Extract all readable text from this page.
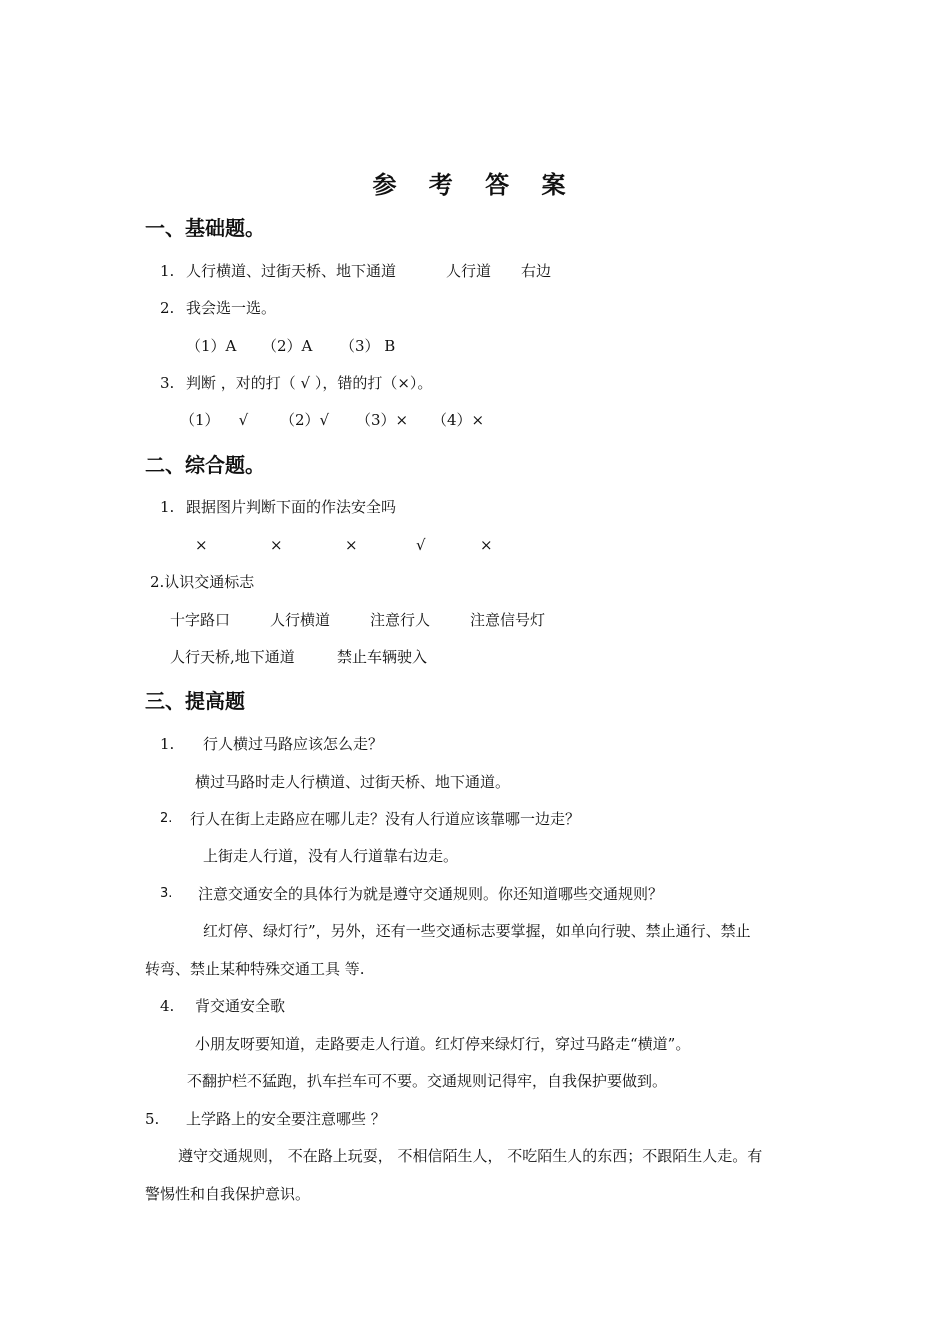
参 考 答 案
一、基础题。
1. 人行横道、过街天桥、地下通道	人行道 右边
2. 我会选一选。
（1）A （2）A （3） B
3. 判断 ，对的打（ √ ），错的打（×）。
（1）    √ （2）√ （3）× （4）×
二、综合题。
1. 跟据图片判断下面的作法安全吗
×	×	×	√	×
2.认识交通标志
十字路口	人行横道	注意行人	注意信号灯
人行天桥,地下通道	禁止车辆驶入
三、提高题
1. 行人横过马路应该怎么走？
横过马路时走人行横道、过街天桥、地下通道。
2. 行人在街上走路应在哪儿走？没有人行道应该靠哪一边走？
上街走人行道，没有人行道靠右边走。
3. 注意交通安全的具体行为就是遵守交通规则。你还知道哪些交通规则？
红灯停、绿灯行”，另外，还有一些交通标志要掌握，如单向行驶、禁止通行、禁止
转弯、禁止某种特殊交通工具 等.
4. 背交通安全歌
小朋友呀要知道，走路要走人行道。红灯停来绿灯行，穿过马路走“横道”。
不翻护栏不猛跑，扒车拦车可不要。交通规则记得牢，自我保护要做到。
5. 上学路上的安全要注意哪些 ？
遵守交通规则， 不在路上玩耍， 不相信陌生人， 不吃陌生人的东西；不跟陌生人走。有
警惕性和自我保护意识。
